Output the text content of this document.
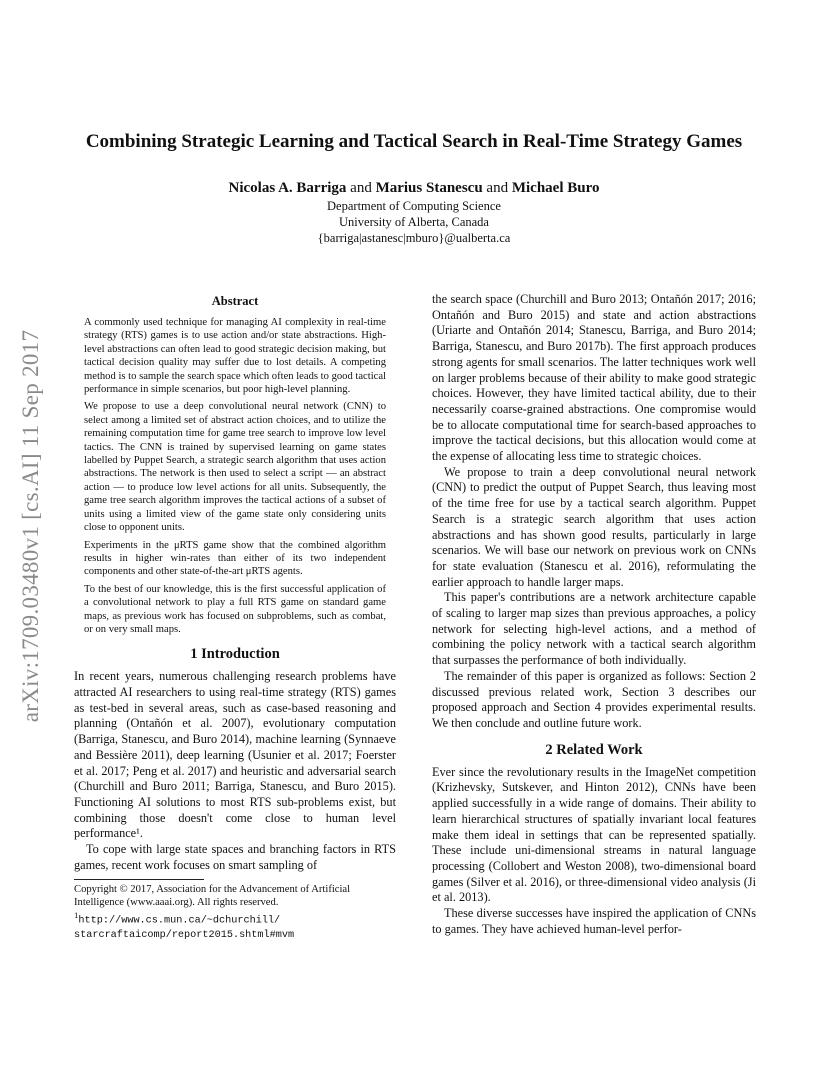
arXiv:1709.03480v1 [cs.AI] 11 Sep 2017
Combining Strategic Learning and Tactical Search in Real-Time Strategy Games
Nicolas A. Barriga and Marius Stanescu and Michael Buro
Department of Computing Science
University of Alberta, Canada
{barriga|astanesc|mburo}@ualberta.ca
Abstract

A commonly used technique for managing AI complexity in real-time strategy (RTS) games is to use action and/or state abstractions. High-level abstractions can often lead to good strategic decision making, but tactical decision quality may suffer due to lost details. A competing method is to sample the search space which often leads to good tactical performance in simple scenarios, but poor high-level planning.

We propose to use a deep convolutional neural network (CNN) to select among a limited set of abstract action choices, and to utilize the remaining computation time for game tree search to improve low level tactics. The CNN is trained by supervised learning on game states labelled by Puppet Search, a strategic search algorithm that uses action abstractions. The network is then used to select a script — an abstract action — to produce low level actions for all units. Subsequently, the game tree search algorithm improves the tactical actions of a subset of units using a limited view of the game state only considering units close to opponent units.

Experiments in the μRTS game show that the combined algorithm results in higher win-rates than either of its two independent components and other state-of-the-art μRTS agents.

To the best of our knowledge, this is the first successful application of a convolutional network to play a full RTS game on standard game maps, as previous work has focused on subproblems, such as combat, or on very small maps.

1 Introduction

In recent years, numerous challenging research problems have attracted AI researchers to using real-time strategy (RTS) games as test-bed in several areas, such as case-based reasoning and planning (Ontañón et al. 2007), evolutionary computation (Barriga, Stanescu, and Buro 2014), machine learning (Synnaeve and Bessière 2011), deep learning (Usunier et al. 2017; Foerster et al. 2017; Peng et al. 2017) and heuristic and adversarial search (Churchill and Buro 2011; Barriga, Stanescu, and Buro 2015). Functioning AI solutions to most RTS sub-problems exist, but combining those doesn't come close to human level performance¹.

To cope with large state spaces and branching factors in RTS games, recent work focuses on smart sampling of

Copyright © 2017, Association for the Advancement of Artificial Intelligence (www.aaai.org). All rights reserved.

$^1$http://www.cs.mun.ca/~dchurchill/
starcraftaicomp/report2015.shtml#mvm

the search space (Churchill and Buro 2013; Ontañón 2017; 2016; Ontañón and Buro 2015) and state and action abstractions (Uriarte and Ontañón 2014; Stanescu, Barriga, and Buro 2014; Barriga, Stanescu, and Buro 2017b). The first approach produces strong agents for small scenarios. The latter techniques work well on larger problems because of their ability to make good strategic choices. However, they have limited tactical ability, due to their necessarily coarse-grained abstractions. One compromise would be to allocate computational time for search-based approaches to improve the tactical decisions, but this allocation would come at the expense of allocating less time to strategic choices.

We propose to train a deep convolutional neural network (CNN) to predict the output of Puppet Search, thus leaving most of the time free for use by a tactical search algorithm. Puppet Search is a strategic search algorithm that uses action abstractions and has shown good results, particularly in large scenarios. We will base our network on previous work on CNNs for state evaluation (Stanescu et al. 2016), reformulating the earlier approach to handle larger maps.

This paper's contributions are a network architecture capable of scaling to larger map sizes than previous approaches, a policy network for selecting high-level actions, and a method of combining the policy network with a tactical search algorithm that surpasses the performance of both individually.

The remainder of this paper is organized as follows: Section 2 discussed previous related work, Section 3 describes our proposed approach and Section 4 provides experimental results. We then conclude and outline future work.

2 Related Work

Ever since the revolutionary results in the ImageNet competition (Krizhevsky, Sutskever, and Hinton 2012), CNNs have been applied successfully in a wide range of domains. Their ability to learn hierarchical structures of spatially invariant local features make them ideal in settings that can be represented spatially. These include uni-dimensional streams in natural language processing (Collobert and Weston 2008), two-dimensional board games (Silver et al. 2016), or three-dimensional video analysis (Ji et al. 2013).

These diverse successes have inspired the application of CNNs to games. They have achieved human-level perfor-
